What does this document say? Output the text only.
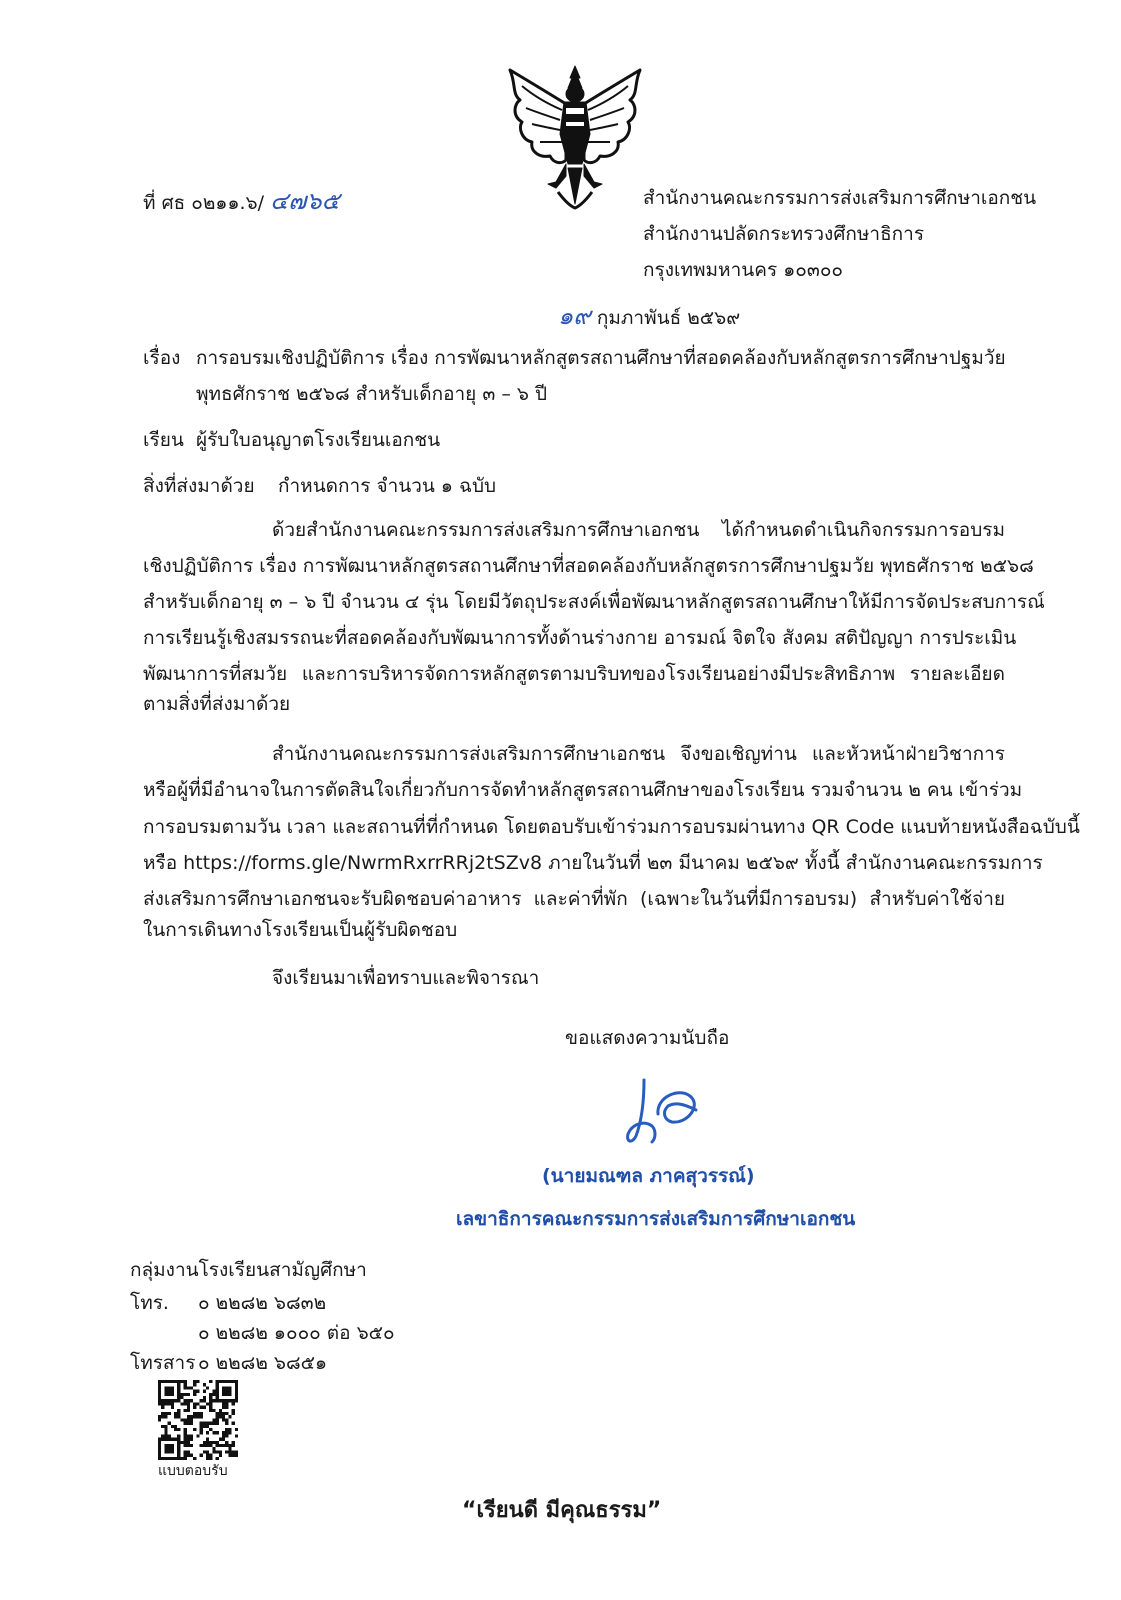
ที่ ศธ ๐๒๑๑.๖/ ๔๗๖๕	สำนักงานคณะกรรมการส่งเสริมการศึกษาเอกชน
สำนักงานปลัดกระทรวงศึกษาธิการ
กรุงเทพมหานคร ๑๐๓๐๐
๑๙ กุมภาพันธ์ ๒๕๖๙
เรื่อง การอบรมเชิงปฏิบัติการ เรื่อง การพัฒนาหลักสูตรสถานศึกษาที่สอดคล้องกับหลักสูตรการศึกษาปฐมวัย
พุทธศักราช ๒๕๖๘ สำหรับเด็กอายุ ๓ – ๖ ปี
เรียน ผู้รับใบอนุญาตโรงเรียนเอกชน
สิ่งที่ส่งมาด้วย กำหนดการ จำนวน ๑ ฉบับ
ด้วยสำนักงานคณะกรรมการส่งเสริมการศึกษาเอกชน ได้กำหนดดำเนินกิจกรรมการอบรม
เชิงปฏิบัติการ เรื่อง การพัฒนาหลักสูตรสถานศึกษาที่สอดคล้องกับหลักสูตรการศึกษาปฐมวัย พุทธศักราช ๒๕๖๘
สำหรับเด็กอายุ ๓ – ๖ ปี จำนวน ๔ รุ่น โดยมีวัตถุประสงค์เพื่อพัฒนาหลักสูตรสถานศึกษาให้มีการจัดประสบการณ์
การเรียนรู้เชิงสมรรถนะที่สอดคล้องกับพัฒนาการทั้งด้านร่างกาย อารมณ์ จิตใจ สังคม สติปัญญา การประเมิน
พัฒนาการที่สมวัย และการบริหารจัดการหลักสูตรตามบริบทของโรงเรียนอย่างมีประสิทธิภาพ รายละเอียด
ตามสิ่งที่ส่งมาด้วย
สำนักงานคณะกรรมการส่งเสริมการศึกษาเอกชน จึงขอเชิญท่าน และหัวหน้าฝ่ายวิชาการ
หรือผู้ที่มีอำนาจในการตัดสินใจเกี่ยวกับการจัดทำหลักสูตรสถานศึกษาของโรงเรียน รวมจำนวน ๒ คน เข้าร่วม
การอบรมตามวัน เวลา และสถานที่ที่กำหนด โดยตอบรับเข้าร่วมการอบรมผ่านทาง QR Code แนบท้ายหนังสือฉบับนี้
หรือ https://forms.gle/NwrmRxrrRRj2tSZv8 ภายในวันที่ ๒๓ มีนาคม ๒๕๖๙ ทั้งนี้ สำนักงานคณะกรรมการ
ส่งเสริมการศึกษาเอกชนจะรับผิดชอบค่าอาหาร และค่าที่พัก (เฉพาะในวันที่มีการอบรม) สำหรับค่าใช้จ่าย
ในการเดินทางโรงเรียนเป็นผู้รับผิดชอบ
จึงเรียนมาเพื่อทราบและพิจารณา
ขอแสดงความนับถือ
(นายมณฑล ภาคสุวรรณ์)
เลขาธิการคณะกรรมการส่งเสริมการศึกษาเอกชน
กลุ่มงานโรงเรียนสามัญศึกษา
โทร. ๐ ๒๒๘๒ ๖๘๓๒
๐ ๒๒๘๒ ๑๐๐๐ ต่อ ๖๕๐
โทรสาร ๐ ๒๒๘๒ ๖๘๕๑
แบบตอบรับ
“เรียนดี มีคุณธรรม”
